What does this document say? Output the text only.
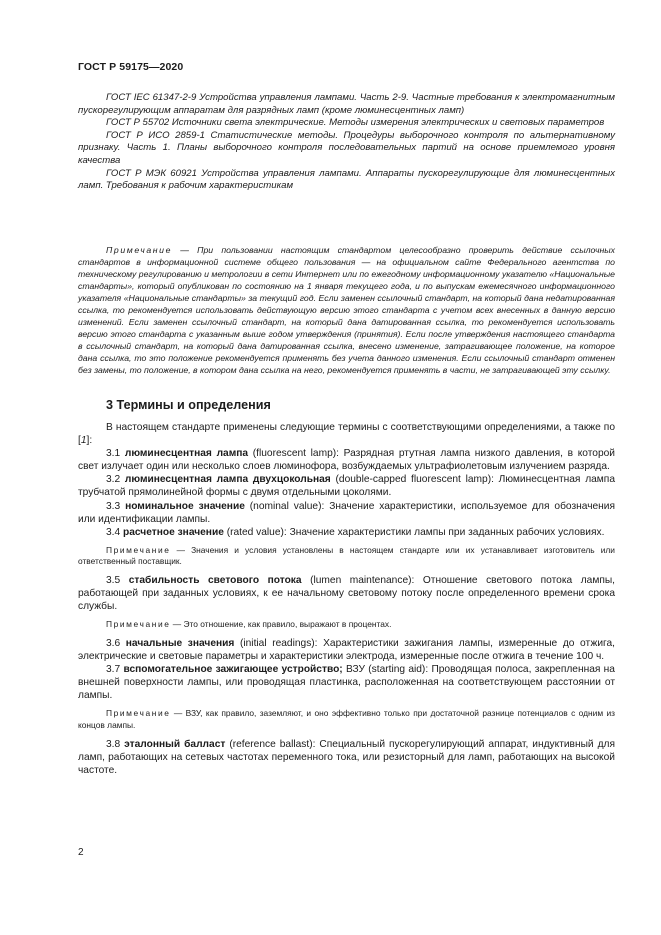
ГОСТ Р 59175—2020

ГОСТ IEC 61347-2-9 Устройства управления лампами. Часть 2-9. Частные требования к электромагнитным пускорегулирующим аппаратам для разрядных ламп (кроме люминесцентных ламп)

ГОСТ Р 55702 Источники света электрические. Методы измерения электрических и световых параметров

ГОСТ Р ИСО 2859-1 Статистические методы. Процедуры выборочного контроля по альтернативному признаку. Часть 1. Планы выборочного контроля последовательных партий на основе приемлемого уровня качества

ГОСТ Р МЭК 60921 Устройства управления лампами. Аппараты пускорегулирующие для люминесцентных ламп. Требования к рабочим характеристикам

Примечание — При пользовании настоящим стандартом целесообразно проверить действие ссылочных стандартов в информационной системе общего пользования — на официальном сайте Федерального агентства по техническому регулированию и метрологии в сети Интернет или по ежегодному информационному указателю «Национальные стандарты», который опубликован по состоянию на 1 января текущего года, и по выпускам ежемесячного информационного указателя «Национальные стандарты» за текущий год. Если заменен ссылочный стандарт, на который дана недатированная ссылка, то рекомендуется использовать действующую версию этого стандарта с учетом всех внесенных в данную версию изменений. Если заменен ссылочный стандарт, на который дана датированная ссылка, то рекомендуется использовать версию этого стандарта с указанным выше годом утверждения (принятия). Если после утверждения настоящего стандарта в ссылочный стандарт, на который дана датированная ссылка, внесено изменение, затрагивающее положение, на которое дана ссылка, то это положение рекомендуется применять без учета данного изменения. Если ссылочный стандарт отменен без замены, то положение, в котором дана ссылка на него, рекомендуется применять в части, не затрагивающей эту ссылку.

3 Термины и определения

В настоящем стандарте применены следующие термины с соответствующими определениями, а также по [1]:

3.1 люминесцентная лампа (fluorescent lamp): Разрядная ртутная лампа низкого давления, в которой свет излучает один или несколько слоев люминофора, возбуждаемых ультрафиолетовым излучением разряда.

3.2 люминесцентная лампа двухцокольная (double-capped fluorescent lamp): Люминесцентная лампа трубчатой прямолинейной формы с двумя отдельными цоколями.

3.3 номинальное значение (nominal value): Значение характеристики, используемое для обозначения или идентификации лампы.

3.4 расчетное значение (rated value): Значение характеристики лампы при заданных рабочих условиях.

Примечание — Значения и условия установлены в настоящем стандарте или их устанавливает изготовитель или ответственный поставщик.

3.5 стабильность светового потока (lumen maintenance): Отношение светового потока лампы, работающей при заданных условиях, к ее начальному световому потоку после определенного времени срока службы.

Примечание — Это отношение, как правило, выражают в процентах.

3.6 начальные значения (initial readings): Характеристики зажигания лампы, измеренные до отжига, электрические и световые параметры и характеристики электрода, измеренные после отжига в течение 100 ч.

3.7 вспомогательное зажигающее устройство; ВЗУ (starting aid): Проводящая полоса, закрепленная на внешней поверхности лампы, или проводящая пластинка, расположенная на соответствующем расстоянии от лампы.

Примечание — ВЗУ, как правило, заземляют, и оно эффективно только при достаточной разнице потенциалов с одним из концов лампы.

3.8 эталонный балласт (reference ballast): Специальный пускорегулирующий аппарат, индуктивный для ламп, работающих на сетевых частотах переменного тока, или резисторный для ламп, работающих на высокой частоте.

2
